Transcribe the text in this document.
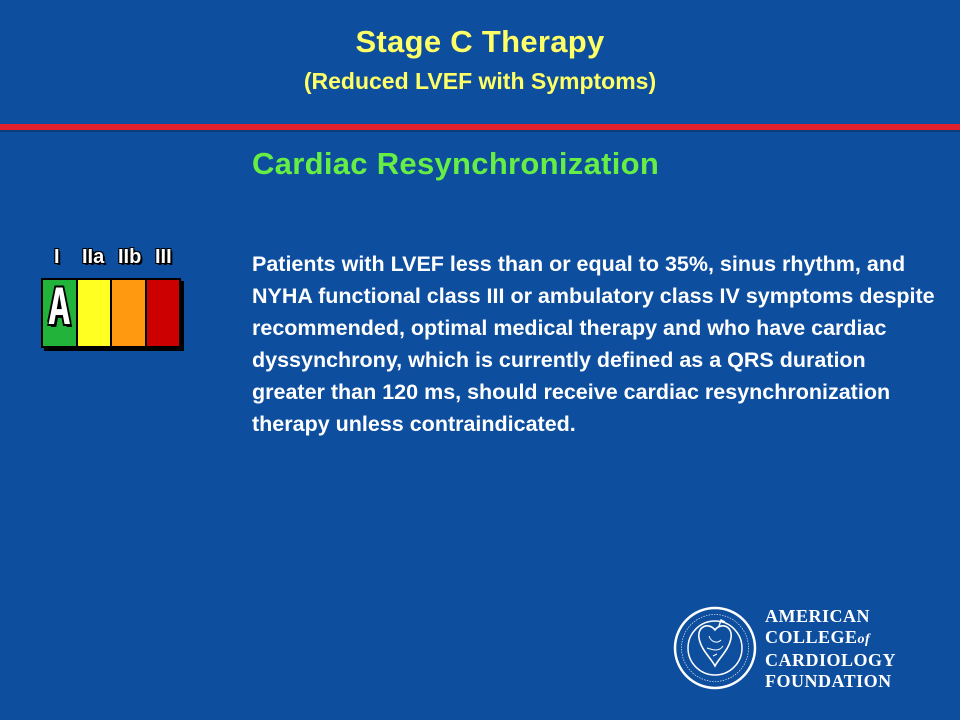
Stage C Therapy
(Reduced LVEF with Symptoms)
Cardiac Resynchronization
I IIa IIb III
A
Patients with LVEF less than or equal to 35%, sinus rhythm, and NYHA functional class III or ambulatory class IV symptoms despite recommended, optimal medical therapy and who have cardiac dyssynchrony, which is currently defined as a QRS duration greater than 120 ms, should receive cardiac resynchronization therapy unless contraindicated.
AMERICAN
COLLEGEof
CARDIOLOGY
FOUNDATION
